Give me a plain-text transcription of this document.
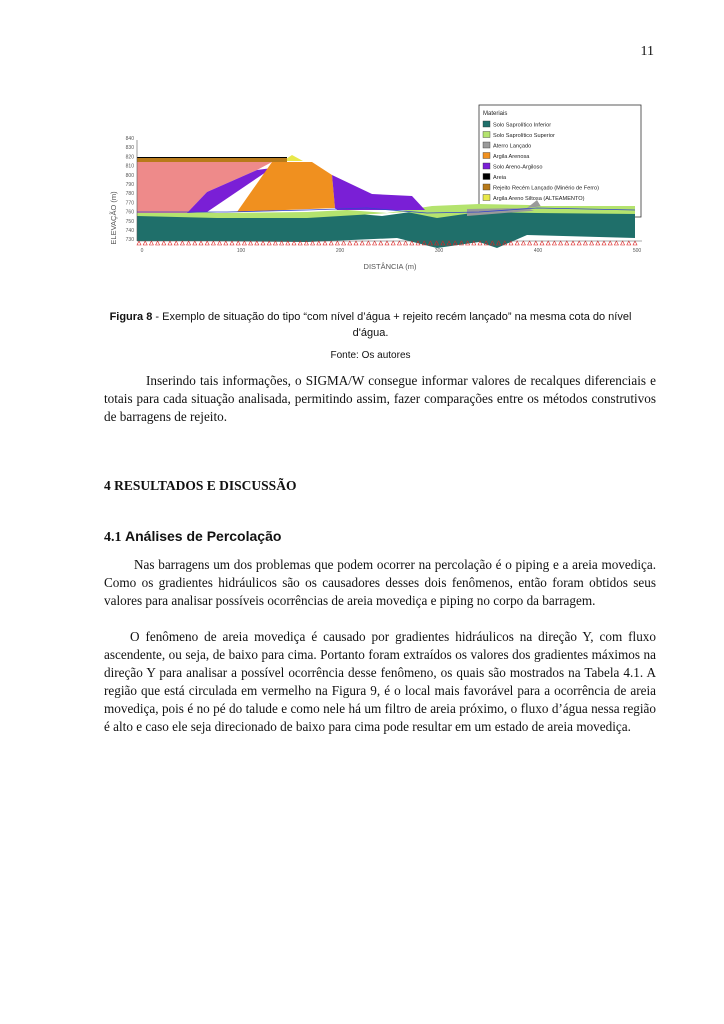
11
Materiais
Solo Saprolítico Inferior
Solo Saprolítico Superior
Aterro Lançado
Argila Arenosa
Solo Areno-Argiloso
Areia
Rejeito Recém Lançado (Minério de Ferro)
Argila Areno Siltosa (ALTEAMENTO)
840
830
820
810
800
790
780
770
760
750
740
730
ELEVAÇÃO (m)
0	100	200	300	400	500
DISTÂNCIA (m)
Figura 8 - Exemplo de situação do tipo “com nível d’água + rejeito recém lançado” na mesma cota do nível d'água.
Fonte: Os autores
Inserindo tais informações, o SIGMA/W consegue informar valores de recalques diferenciais e totais para cada situação analisada, permitindo assim, fazer comparações entre os métodos construtivos de barragens de rejeito.
4 RESULTADOS E DISCUSSÃO
4.1 Análises de Percolação
Nas barragens um dos problemas que podem ocorrer na percolação é o piping e a areia movediça. Como os gradientes hidráulicos são os causadores desses dois fenômenos, então foram obtidos seus valores para analisar possíveis ocorrências de areia movediça e piping no corpo da barragem.
O fenômeno de areia movediça é causado por gradientes hidráulicos na direção Y, com fluxo ascendente, ou seja, de baixo para cima. Portanto foram extraídos os valores dos gradientes máximos na direção Y para analisar a possível ocorrência desse fenômeno, os quais são mostrados na Tabela 4.1. A região que está circulada em vermelho na Figura 9, é o local mais favorável para a ocorrência de areia movediça, pois é no pé do talude e como nele há um filtro de areia próximo, o fluxo d’água nessa região é alto e caso ele seja direcionado de baixo para cima pode resultar em um estado de areia movediça.
